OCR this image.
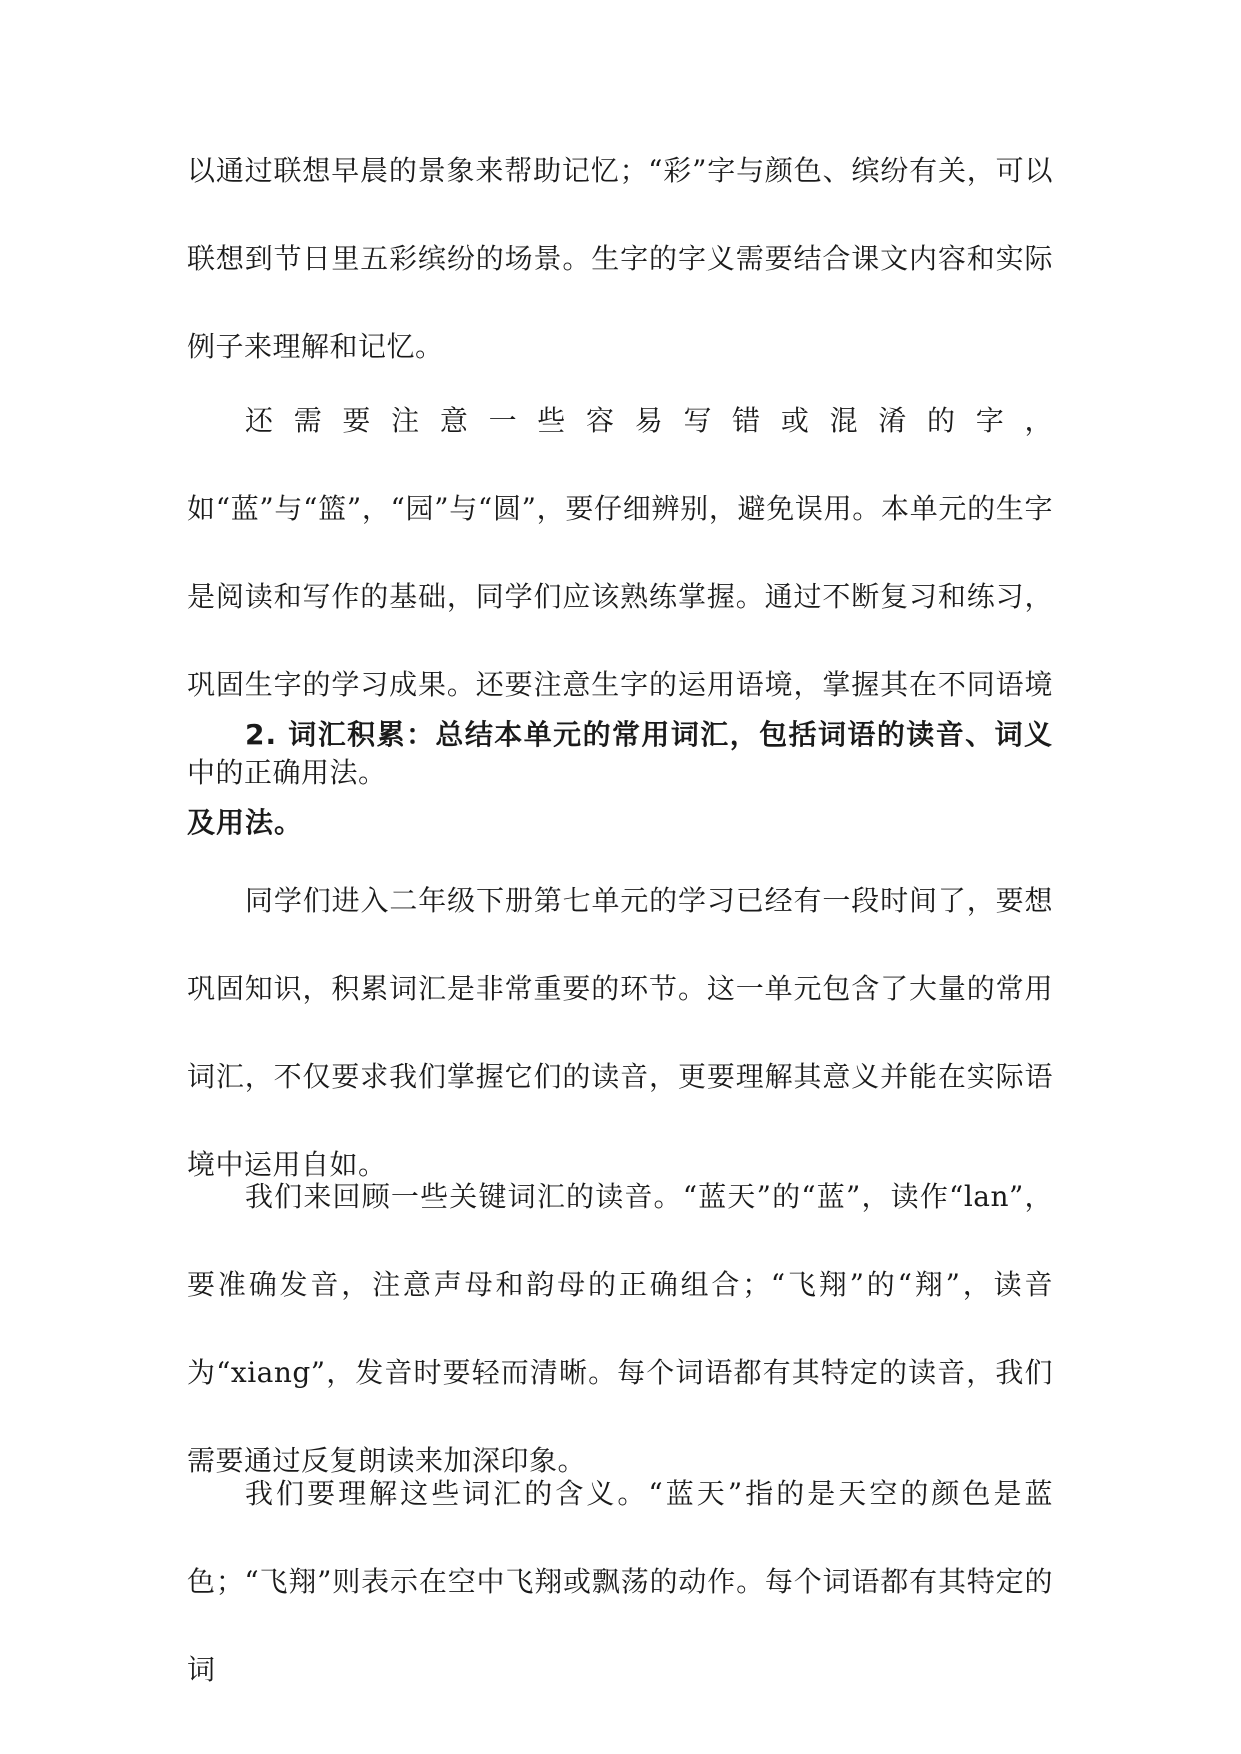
以通过联想早晨的景象来帮助记忆；“彩”字与颜色、缤纷有关，可以联想到节日里五彩缤纷的场景。生字的字义需要结合课文内容和实际例子来理解和记忆。

还需要注意一些容易写错或混淆的字，如“蓝”与“篮”，“园”与“圆”，要仔细辨别，避免误用。本单元的生字是阅读和写作的基础，同学们应该熟练掌握。通过不断复习和练习，巩固生字的学习成果。还要注意生字的运用语境，掌握其在不同语境中的正确用法。

2. 词汇积累：总结本单元的常用词汇，包括词语的读音、词义及用法。

同学们进入二年级下册第七单元的学习已经有一段时间了，要想巩固知识，积累词汇是非常重要的环节。这一单元包含了大量的常用词汇，不仅要求我们掌握它们的读音，更要理解其意义并能在实际语境中运用自如。

我们来回顾一些关键词汇的读音。“蓝天”的“蓝”，读作“lan”，要准确发音，注意声母和韵母的正确组合；“飞翔”的“翔”，读音为“xiang”，发音时要轻而清晰。每个词语都有其特定的读音，我们需要通过反复朗读来加深印象。

我们要理解这些词汇的含义。“蓝天”指的是天空的颜色是蓝色；“飞翔”则表示在空中飞翔或飘荡的动作。每个词语都有其特定的词
